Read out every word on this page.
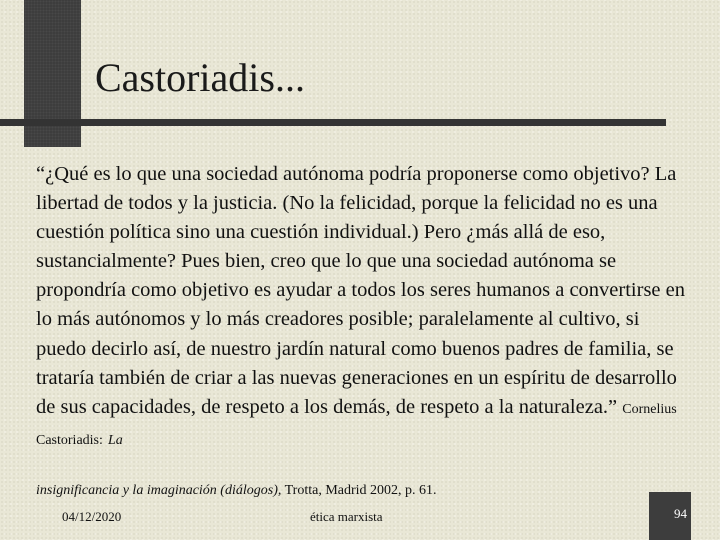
Castoriadis...

“¿Qué es lo que una sociedad autónoma podría proponerse como objetivo? La libertad de todos y la justicia. (No la felicidad, porque la felicidad no es una cuestión política sino una cuestión individual.) Pero ¿más allá de eso, sustancialmente? Pues bien, creo que lo que una sociedad autónoma se propondría como objetivo es ayudar a todos los seres humanos a convertirse en lo más autónomos y lo más creadores posible; paralelamente al cultivo, si puedo decirlo así, de nuestro jardín natural como buenos padres de familia, se trataría también de criar a las nuevas generaciones en un espíritu de desarrollo de sus capacidades, de respeto a los demás, de respeto a la naturaleza.” Cornelius Castoriadis: La

insignificancia y la imaginación (diálogos), Trotta, Madrid 2002, p. 61.

04/12/2020	ética marxista	94
